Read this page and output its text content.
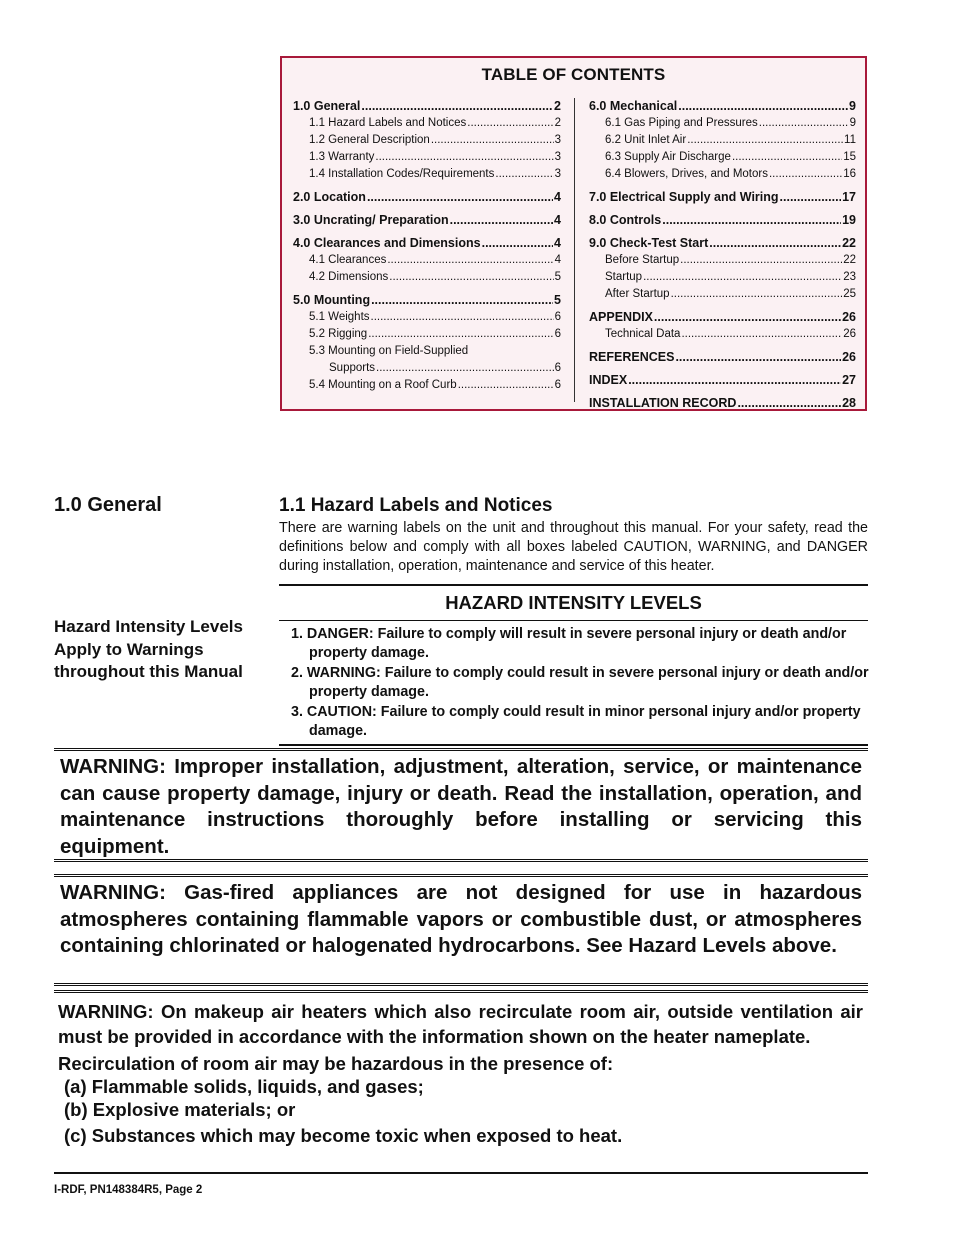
TABLE OF CONTENTS
1.0 General .....	2
1.1 Hazard Labels and Notices .....	2
1.2 General Description .....	3
1.3 Warranty .....	3
1.4 Installation Codes/Requirements .....	3
2.0 Location .....	4
3.0 Uncrating/ Preparation .....	4
4.0 Clearances and Dimensions .....	4
4.1 Clearances .....	4
4.2 Dimensions .....	5
5.0 Mounting .....	5
5.1 Weights .....	6
5.2 Rigging .....	6
5.3 Mounting on Field-Supplied
Supports .....	6
5.4 Mounting on a Roof Curb .....	6
6.0 Mechanical .....	9
6.1 Gas Piping and Pressures .....	9
6.2 Unit Inlet Air .....	11
6.3 Supply Air Discharge .....	15
6.4 Blowers, Drives, and Motors .....	16
7.0 Electrical Supply and Wiring .....	17
8.0 Controls .....	19
9.0 Check-Test Start .....	22
Before Startup .....	22
Startup .....	23
After Startup .....	25
APPENDIX .....	26
Technical Data .....	26
REFERENCES .....	26
INDEX .....	27
INSTALLATION RECORD .....	28
1.0 General	1.1 Hazard Labels and Notices
There are warning labels on the unit and throughout this manual. For your safety, read the definitions below and comply with all boxes labeled CAUTION, WARNING, and DANGER during installation, operation, maintenance and service of this heater.
Hazard Intensity Levels Apply to Warnings throughout this Manual
HAZARD INTENSITY LEVELS
1. DANGER: Failure to comply will result in severe personal injury or death and/or property damage.
2. WARNING: Failure to comply could result in severe personal injury or death and/or property damage.
3. CAUTION: Failure to comply could result in minor personal injury and/or property damage.
WARNING: Improper installation, adjustment, alteration, service, or maintenance can cause property damage, injury or death. Read the installation, operation, and maintenance instructions thoroughly before installing or servicing this equipment.
WARNING: Gas-fired appliances are not designed for use in hazardous atmospheres containing flammable vapors or combustible dust, or atmospheres containing chlorinated or halogenated hydrocarbons. See Hazard Levels above.
WARNING: On makeup air heaters which also recirculate room air, outside ventilation air must be provided in accordance with the information shown on the heater nameplate.
Recirculation of room air may be hazardous in the presence of:
(a) Flammable solids, liquids, and gases;
(b) Explosive materials; or
(c) Substances which may become toxic when exposed to heat.
I-RDF, PN148384R5, Page 2
